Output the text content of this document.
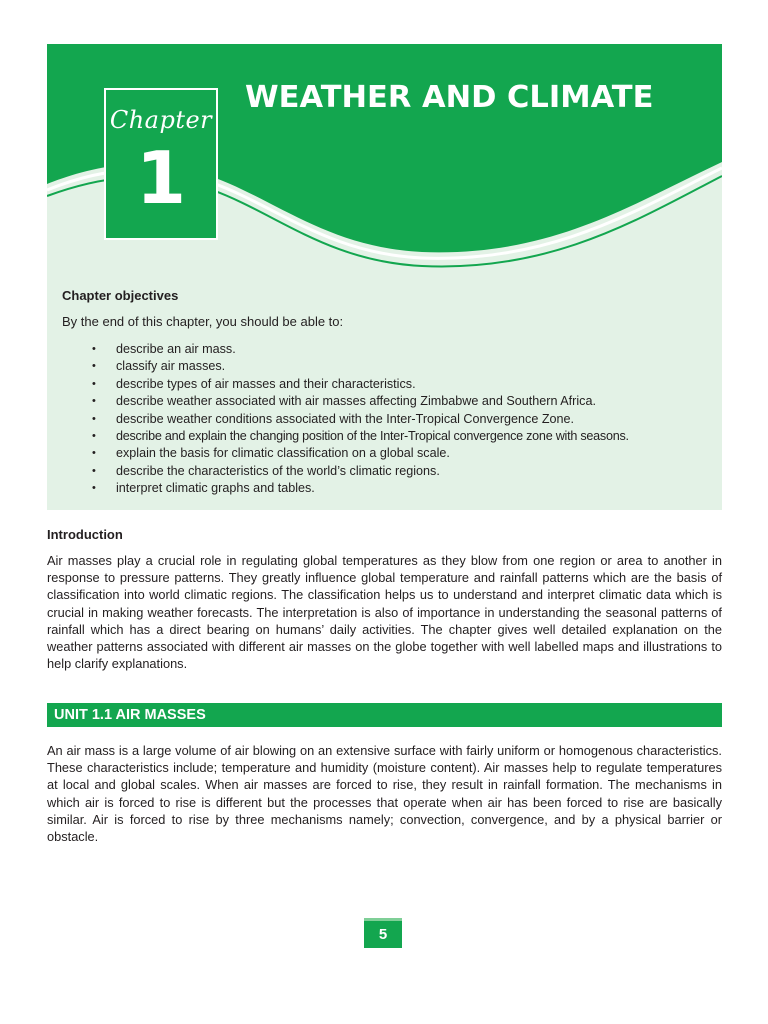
Chapter
1
WEATHER AND CLIMATE

Chapter objectives

By the end of this chapter, you should be able to:

• describe an air mass.
• classify air masses.
• describe types of air masses and their characteristics.
• describe weather associated with air masses affecting Zimbabwe and Southern Africa.
• describe weather conditions associated with the Inter-Tropical Convergence Zone.
• describe and explain the changing position of the Inter-Tropical convergence zone with seasons.
• explain the basis for climatic classification on a global scale.
• describe the characteristics of the world’s climatic regions.
• interpret climatic graphs and tables.
Introduction

Air masses play a crucial role in regulating global temperatures as they blow from one region or area to another in response to pressure patterns. They greatly influence global temperature and rainfall patterns which are the basis of classification into world climatic regions. The classification helps us to understand and interpret climatic data which is crucial in making weather forecasts. The interpretation is also of importance in understanding the seasonal patterns of rainfall which has a direct bearing on humans’ daily activities. The chapter gives well detailed explanation on the weather patterns associated with different air masses on the globe together with well labelled maps and illustrations to help clarify explanations.

UNIT 1.1 AIR MASSES

An air mass is a large volume of air blowing on an extensive surface with fairly uniform or homogenous characteristics. These characteristics include; temperature and humidity (moisture content). Air masses help to regulate temperatures at local and global scales. When air masses are forced to rise, they result in rainfall formation. The mechanisms in which air is forced to rise is different but the processes that operate when air has been forced to rise are basically similar. Air is forced to rise by three mechanisms namely; convection, convergence, and by a physical barrier or obstacle.

5
